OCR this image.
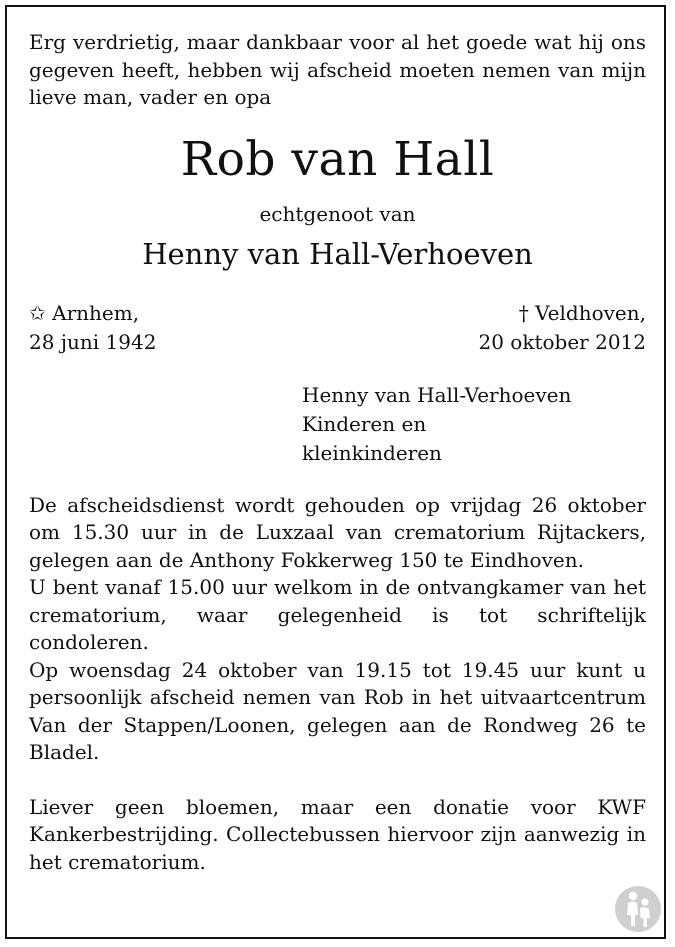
Erg verdrietig, maar dankbaar voor al het goede wat hij ons gegeven heeft, hebben wij afscheid moeten nemen van mijn lieve man, vader en opa

Rob van Hall
echtgenoot van
Henny van Hall-Verhoeven
✩ Arnhem,
28 juni 1942
† Veldhoven,
20 oktober 2012
Henny van Hall-Verhoeven
Kinderen en
kleinkinderen

De afscheidsdienst wordt gehouden op vrijdag 26 oktober om 15.30 uur in de Luxzaal van crematorium Rijtackers, gelegen aan de Anthony Fokkerweg 150 te Eindhoven.

U bent vanaf 15.00 uur welkom in de ontvangkamer van het crematorium, waar gelegenheid is tot schriftelijk condoleren.

Op woensdag 24 oktober van 19.15 tot 19.45 uur kunt u persoonlijk afscheid nemen van Rob in het uitvaartcentrum Van der Stappen/Loonen, gelegen aan de Rondweg 26 te Bladel.

Liever geen bloemen, maar een donatie voor KWF Kankerbestrijding. Collectebussen hiervoor zijn aanwezig in het crematorium.
